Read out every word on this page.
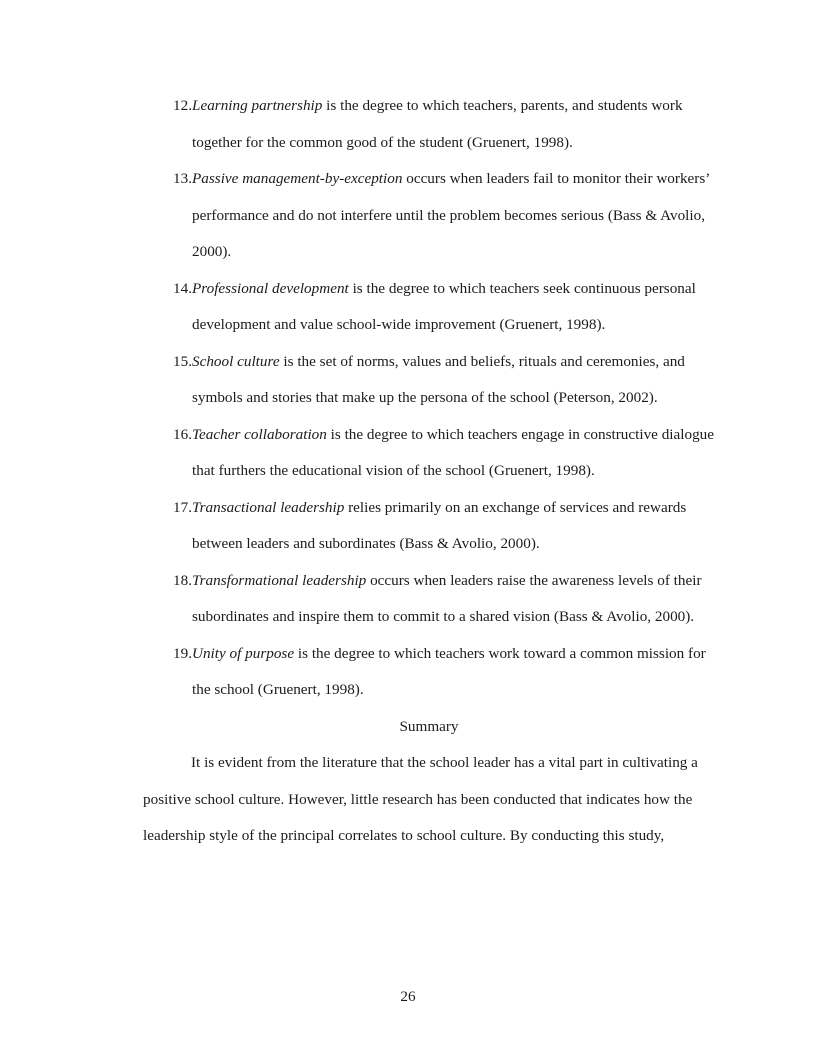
12. Learning partnership is the degree to which teachers, parents, and students work together for the common good of the student (Gruenert, 1998).
13. Passive management-by-exception occurs when leaders fail to monitor their workers’ performance and do not interfere until the problem becomes serious (Bass & Avolio, 2000).
14. Professional development is the degree to which teachers seek continuous personal development and value school-wide improvement (Gruenert, 1998).
15. School culture is the set of norms, values and beliefs, rituals and ceremonies, and symbols and stories that make up the persona of the school (Peterson, 2002).
16. Teacher collaboration is the degree to which teachers engage in constructive dialogue that furthers the educational vision of the school (Gruenert, 1998).
17. Transactional leadership relies primarily on an exchange of services and rewards between leaders and subordinates (Bass & Avolio, 2000).
18. Transformational leadership occurs when leaders raise the awareness levels of their subordinates and inspire them to commit to a shared vision (Bass & Avolio, 2000).
19. Unity of purpose is the degree to which teachers work toward a common mission for the school (Gruenert, 1998).
Summary

It is evident from the literature that the school leader has a vital part in cultivating a positive school culture. However, little research has been conducted that indicates how the leadership style of the principal correlates to school culture. By conducting this study,

26
